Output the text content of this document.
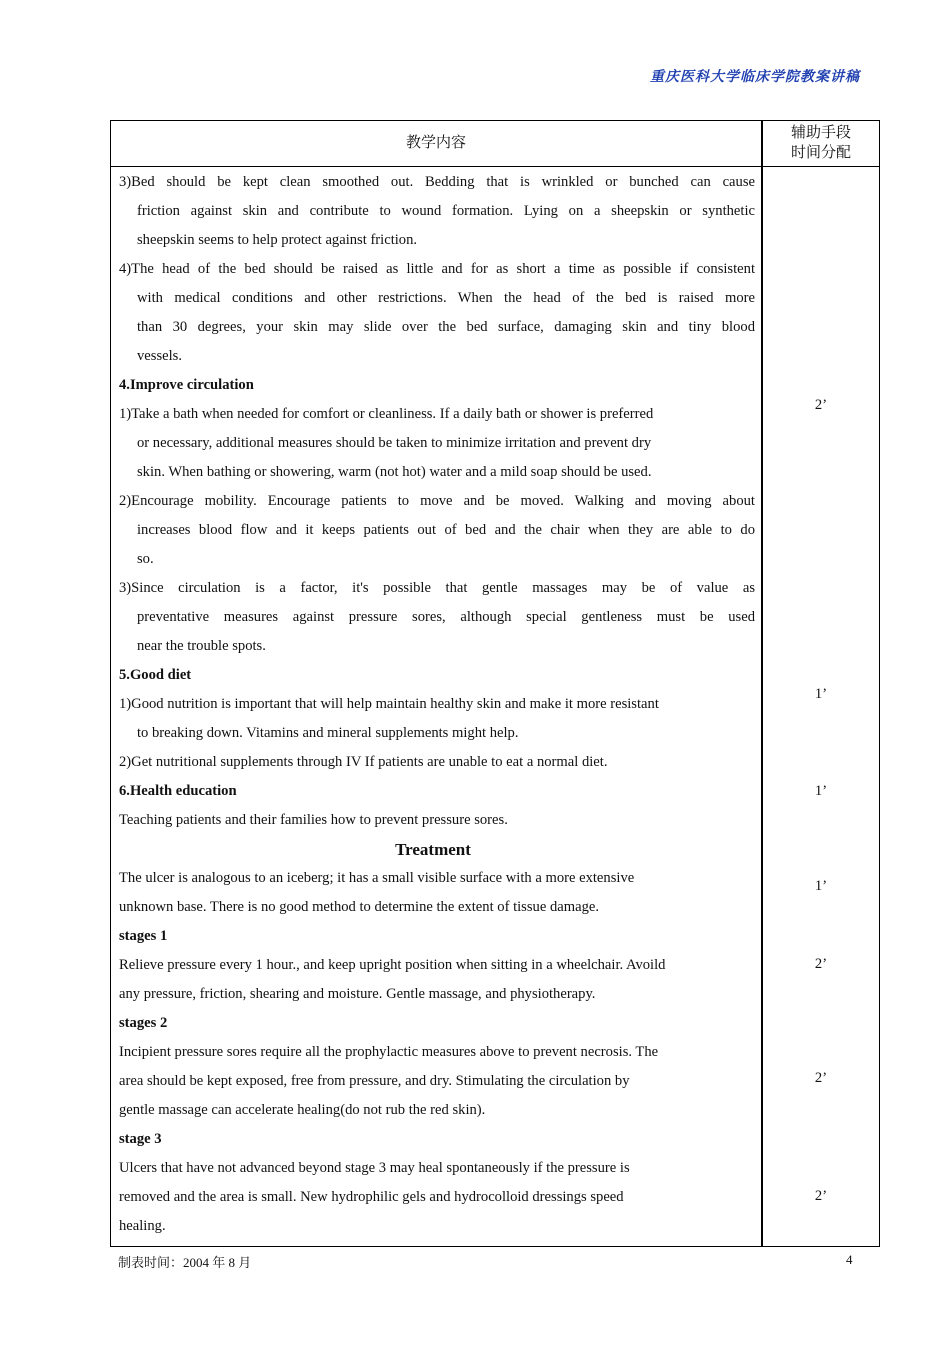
重庆医科大学临床学院教案讲稿
教学内容
辅助手段
时间分配
3)Bed should be kept clean smoothed out. Bedding that is wrinkled or bunched can cause
friction against skin and contribute to wound formation. Lying on a sheepskin or synthetic
sheepskin seems to help protect against friction.
4)The head of the bed should be raised as little and for as short a time as possible if consistent
with medical conditions and other restrictions. When the head of the bed is raised more
than 30 degrees, your skin may slide over the bed surface, damaging skin and tiny blood
vessels.
4.Improve circulation
1)Take a bath when needed for comfort or cleanliness. If a daily bath or shower is preferred
or necessary, additional measures should be taken to minimize irritation and prevent dry
skin. When bathing or showering, warm (not hot) water and a mild soap should be used.
2)Encourage mobility. Encourage patients to move and be moved. Walking and moving about
increases blood flow and it keeps patients out of bed and the chair when they are able to do
so.
3)Since circulation is a factor, it's possible that gentle massages may be of value as
preventative measures against pressure sores, although special gentleness must be used
near the trouble spots.
5.Good diet
1)Good nutrition is important that will help maintain healthy skin and make it more resistant
to breaking down. Vitamins and mineral supplements might help.
2)Get nutritional supplements through IV If patients are unable to eat a normal diet.
6.Health education
Teaching patients and their families how to prevent pressure sores.
Treatment
The ulcer is analogous to an iceberg; it has a small visible surface with a more extensive
unknown base. There is no good method to determine the extent of tissue damage.
stages 1
Relieve pressure every 1 hour., and keep upright position when sitting in a wheelchair. Avoild
any pressure, friction, shearing and moisture. Gentle massage, and physiotherapy.
stages 2
Incipient pressure sores require all the prophylactic measures above to prevent necrosis. The
area should be kept exposed, free from pressure, and dry. Stimulating the circulation by
gentle massage can accelerate healing(do not rub the red skin).
stage 3
Ulcers that have not advanced beyond stage 3 may heal spontaneously if the pressure is
removed and the area is small. New hydrophilic gels and hydrocolloid dressings speed
healing.
2’
1’
1’
1’
2’
2’
2’
制表时间：2004 年 8 月	4
